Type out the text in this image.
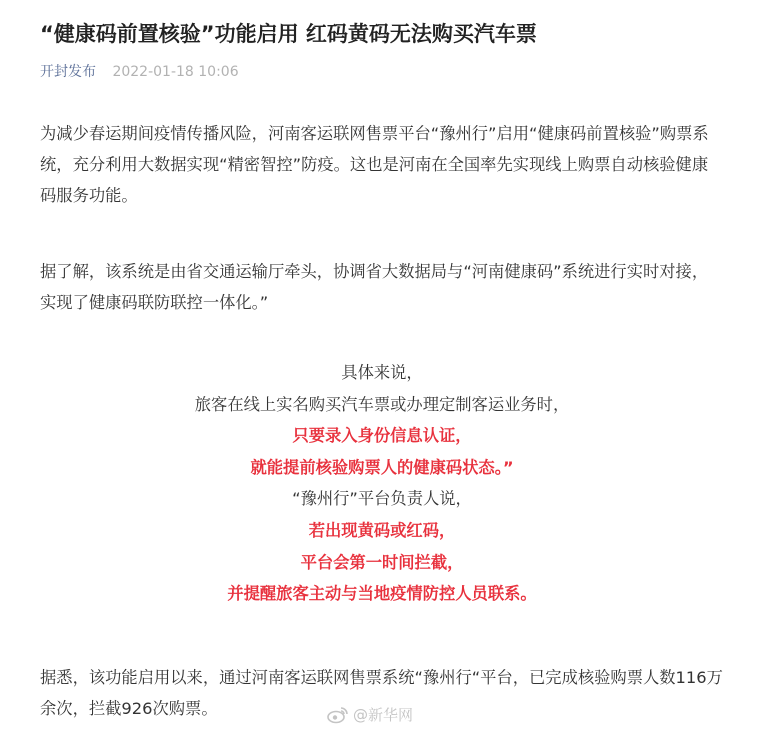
“健康码前置核验”功能启用 红码黄码无法购买汽车票
开封发布 2022-01-18 10:06

为减少春运期间疫情传播风险，河南客运联网售票平台“豫州行”启用“健康码前置核验”购票系统，充分利用大数据实现“精密智控”防疫。这也是河南在全国率先实现线上购票自动核验健康码服务功能。

据了解，该系统是由省交通运输厅牵头，协调省大数据局与“河南健康码”系统进行实时对接，实现了健康码联防联控一体化。”

具体来说，
旅客在线上实名购买汽车票或办理定制客运业务时，
只要录入身份信息认证，
就能提前核验购票人的健康码状态。”
“豫州行”平台负责人说，
若出现黄码或红码，
平台会第一时间拦截，
并提醒旅客主动与当地疫情防控人员联系。

据悉，该功能启用以来，通过河南客运联网售票系统“豫州行“平台，已完成核验购票人数116万余次，拦截926次购票。	@新华网
